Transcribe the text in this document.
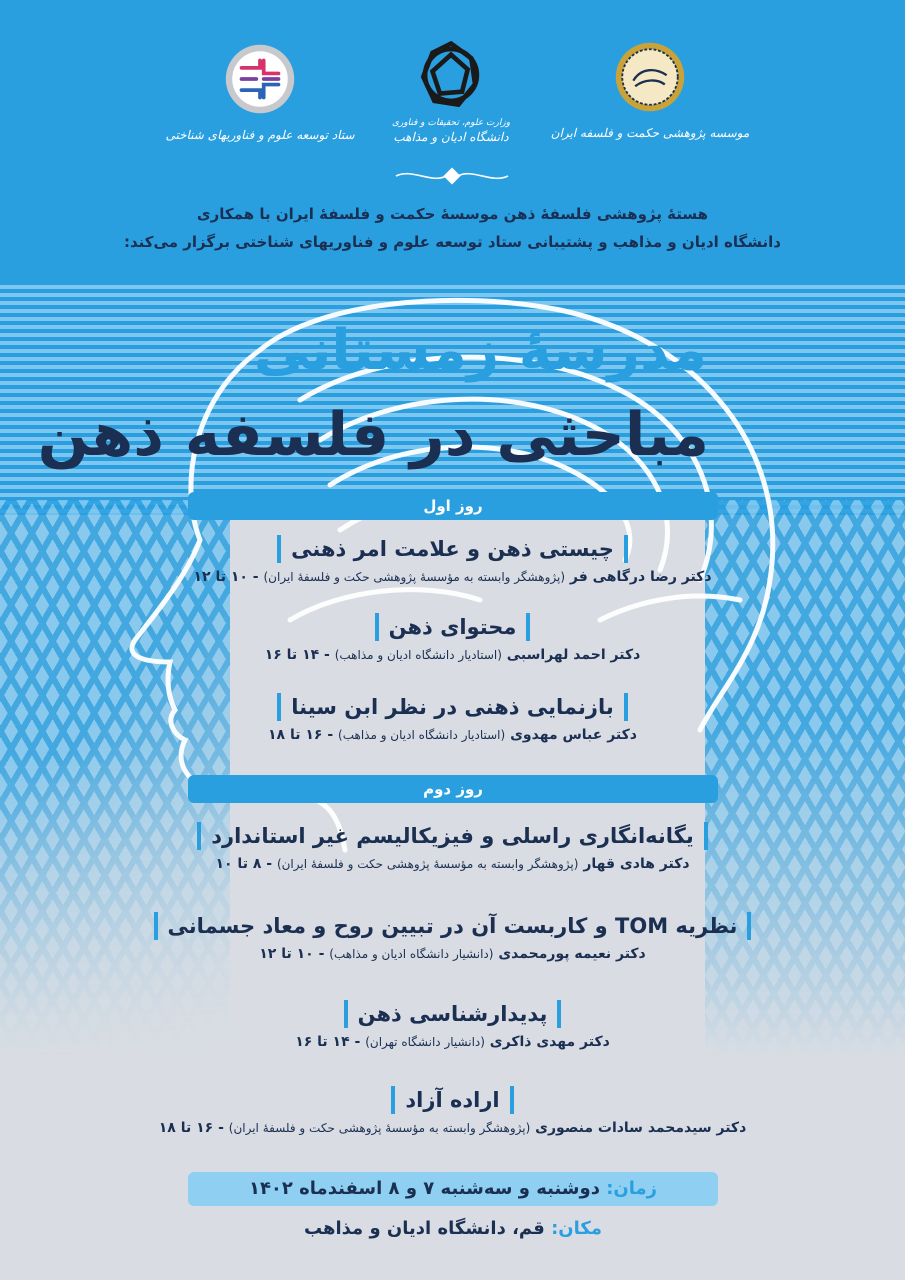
موسسه پژوهشی حکمت و فلسفه ایران
وزارت علوم، تحقیقات و فناوری
دانشگاه ادیان و مذاهب
ستاد توسعه علوم و فناوریهای شناختی
هستهٔ پژوهشی فلسفهٔ ذهن موسسهٔ حکمت و فلسفهٔ ایران با همکاری
دانشگاه ادیان و مذاهب و پشتیبانی ستاد توسعه علوم و فناوریهای شناختی برگزار می‌کند:
مدرسهٔ زمستانی
مباحثی در فلسفه ذهن
روز اول
چیستی ذهن و علامت امر ذهنی
دکتر رضا درگاهی فر (پژوهشگر وابسته به مؤسسهٔ پژوهشی حکت و فلسفهٔ ایران) - ۱۰ تا ۱۲
محتوای ذهن
دکتر احمد لهراسبی (استادیار دانشگاه ادیان و مذاهب) - ۱۴ تا ۱۶
بازنمایی ذهنی در نظر ابن سینا
دکتر عباس مهدوی (استادیار دانشگاه ادیان و مذاهب) - ۱۶ تا ۱۸
روز دوم
یگانه‌انگاری راسلی و فیزیکالیسم غیر استاندارد
دکتر هادی قهار (پژوهشگر وابسته به مؤسسهٔ پژوهشی حکت و فلسفهٔ ایران) - ۸ تا ۱۰
نظریه TOM و کاربست آن در تبیین روح و معاد جسمانی
دکتر نعیمه پورمحمدی (دانشیار دانشگاه ادیان و مذاهب) - ۱۰ تا ۱۲
پدیدارشناسی ذهن
دکتر مهدی ذاکری (دانشیار دانشگاه تهران) - ۱۴ تا ۱۶
اراده آزاد
دکتر سیدمحمد سادات منصوری (پژوهشگر وابسته به مؤسسهٔ پژوهشی حکت و فلسفهٔ ایران) - ۱۶ تا ۱۸
زمان: دوشنبه و سه‌شنبه ۷ و ۸ اسفندماه ۱۴۰۲
مکان: قم، دانشگاه ادیان و مذاهب
